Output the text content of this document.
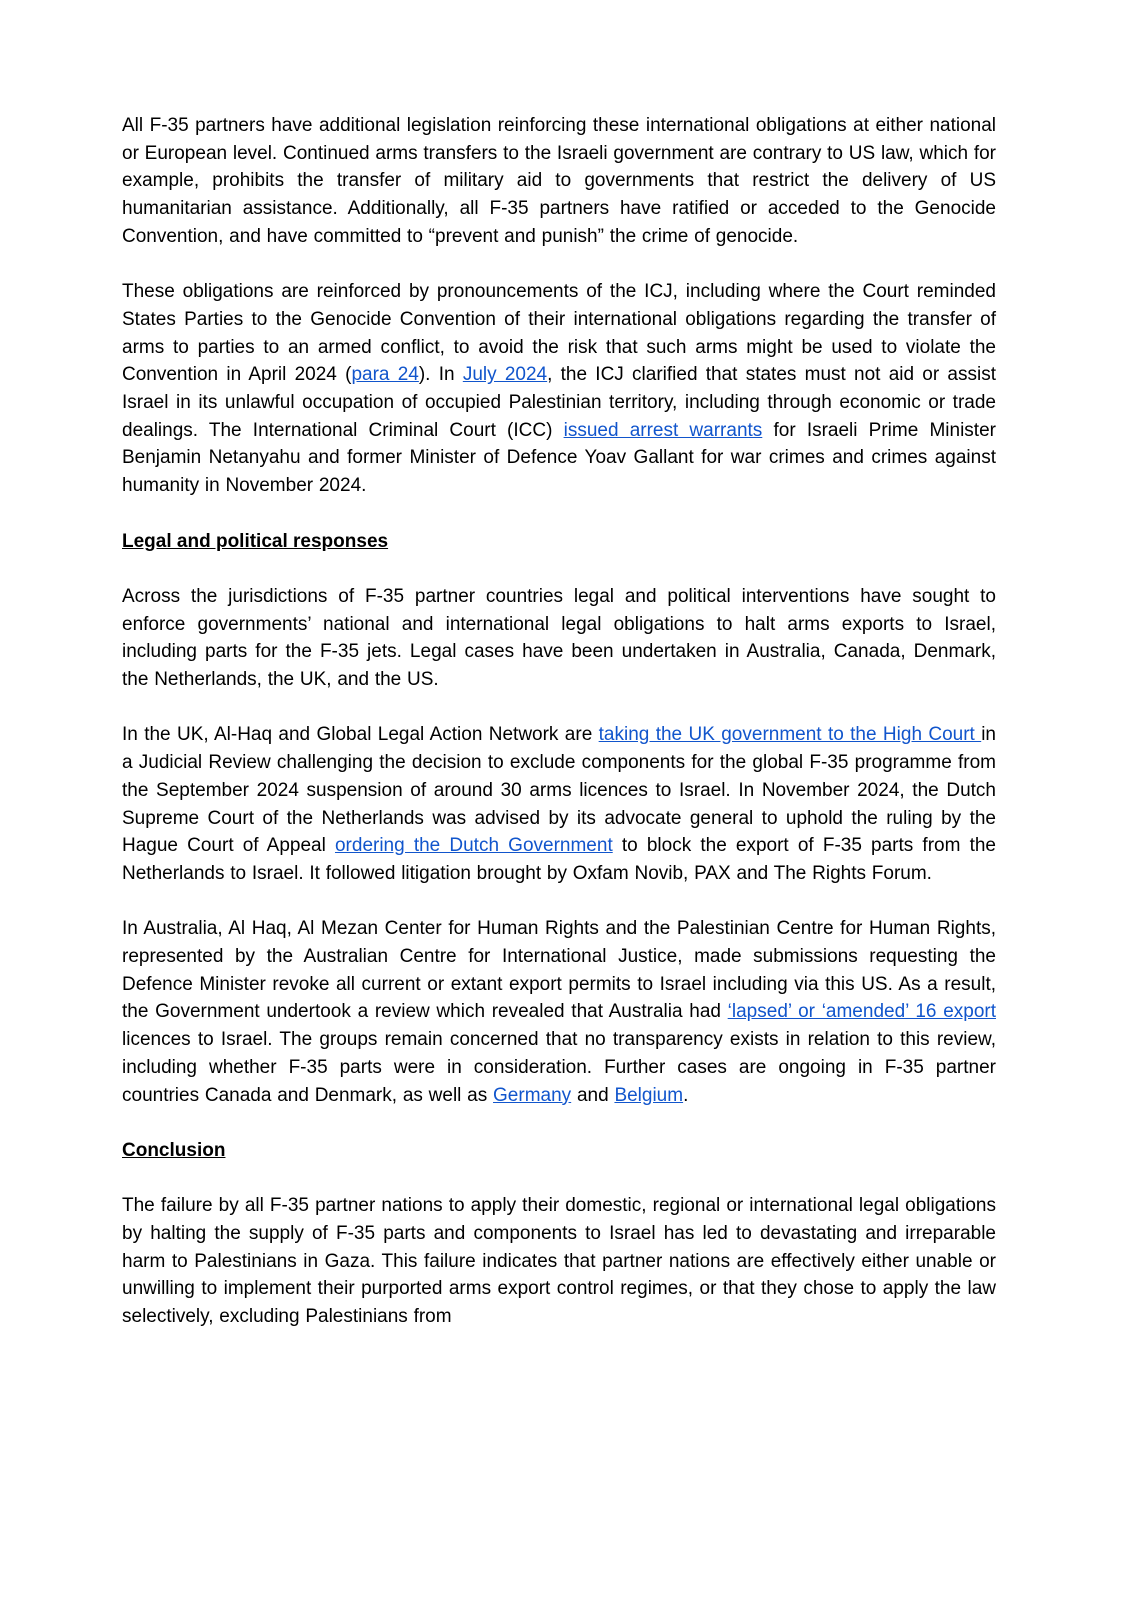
All F-35 partners have additional legislation reinforcing these international obligations at either national or European level. Continued arms transfers to the Israeli government are contrary to US law, which for example, prohibits the transfer of military aid to governments that restrict the delivery of US humanitarian assistance. Additionally, all F-35 partners have ratified or acceded to the Genocide Convention, and have committed to “prevent and punish” the crime of genocide.

These obligations are reinforced by pronouncements of the ICJ, including where the Court reminded States Parties to the Genocide Convention of their international obligations regarding the transfer of arms to parties to an armed conflict, to avoid the risk that such arms might be used to violate the Convention in April 2024 (para 24). In July 2024, the ICJ clarified that states must not aid or assist Israel in its unlawful occupation of occupied Palestinian territory, including through economic or trade dealings. The International Criminal Court (ICC) issued arrest warrants for Israeli Prime Minister Benjamin Netanyahu and former Minister of Defence Yoav Gallant for war crimes and crimes against humanity in November 2024.

Legal and political responses

Across the jurisdictions of F-35 partner countries legal and political interventions have sought to enforce governments’ national and international legal obligations to halt arms exports to Israel, including parts for the F-35 jets. Legal cases have been undertaken in Australia, Canada, Denmark, the Netherlands, the UK, and the US.

In the UK, Al-Haq and Global Legal Action Network are taking the UK government to the High Court in a Judicial Review challenging the decision to exclude components for the global F-35 programme from the September 2024 suspension of around 30 arms licences to Israel. In November 2024, the Dutch Supreme Court of the Netherlands was advised by its advocate general to uphold the ruling by the Hague Court of Appeal ordering the Dutch Government to block the export of F-35 parts from the Netherlands to Israel. It followed litigation brought by Oxfam Novib, PAX and The Rights Forum.

In Australia, Al Haq, Al Mezan Center for Human Rights and the Palestinian Centre for Human Rights, represented by the Australian Centre for International Justice, made submissions requesting the Defence Minister revoke all current or extant export permits to Israel including via this US. As a result, the Government undertook a review which revealed that Australia had ‘lapsed’ or ‘amended’ 16 export licences to Israel. The groups remain concerned that no transparency exists in relation to this review, including whether F-35 parts were in consideration. Further cases are ongoing in F-35 partner countries Canada and Denmark, as well as Germany and Belgium.

Conclusion

The failure by all F-35 partner nations to apply their domestic, regional or international legal obligations by halting the supply of F-35 parts and components to Israel has led to devastating and irreparable harm to Palestinians in Gaza. This failure indicates that partner nations are effectively either unable or unwilling to implement their purported arms export control regimes, or that they chose to apply the law selectively, excluding Palestinians from
